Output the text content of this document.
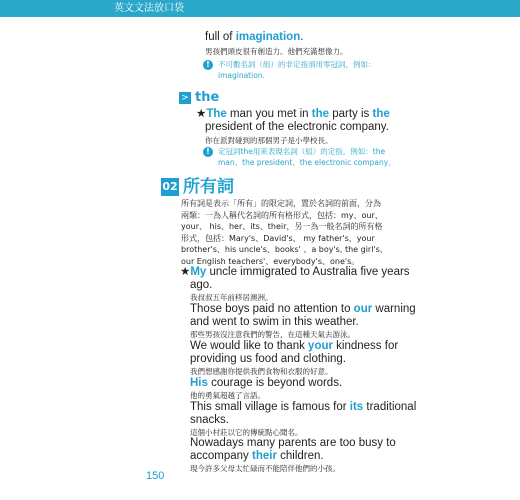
英文文法放口袋
full of imagination.
男孩們頭皮很有創造力。他們充滿想像力。
!	不可數名詞（組）的非定指須用零冠詞，例如：
imagination.
> the
★The man you met in the party is the
president of the electronic company.
你在派對碰到的那個男子是小學校長。
!	定冠詞the用來表現名詞（組）的定指，例如：the
man、the president、the electronic company。
02 所有詞
所有詞是表示「所有」的限定詞，置於名詞的前面，分為
兩類：一為人稱代名詞的所有格形式，包括：my、our、
your、 his、her、its、their，另一為一般名詞的所有格
形式，包括：Mary's、David's、 my father's、your
brother's、his uncle's、books' 、a boy's, the girl's、
our English teachers'、everybody's、one's。
★My uncle immigrated to Australia five years
ago.
我叔叔五年前移居澳洲。
Those boys paid no attention to our warning
and went to swim in this weather.
那些男孩沒注意我們的警告，在這種天氣去游泳。
We would like to thank your kindness for
providing us food and clothing.
我們想感謝你提供我們食物和衣服的好意。
His courage is beyond words.
他的勇氣超越了言語。
This small village is famous for its traditional
snacks.
這個小村莊以它的傳統點心聞名。
Nowadays many parents are too busy to
accompany their children.
現今許多父母太忙碌而不能陪伴他們的小孩。
150
